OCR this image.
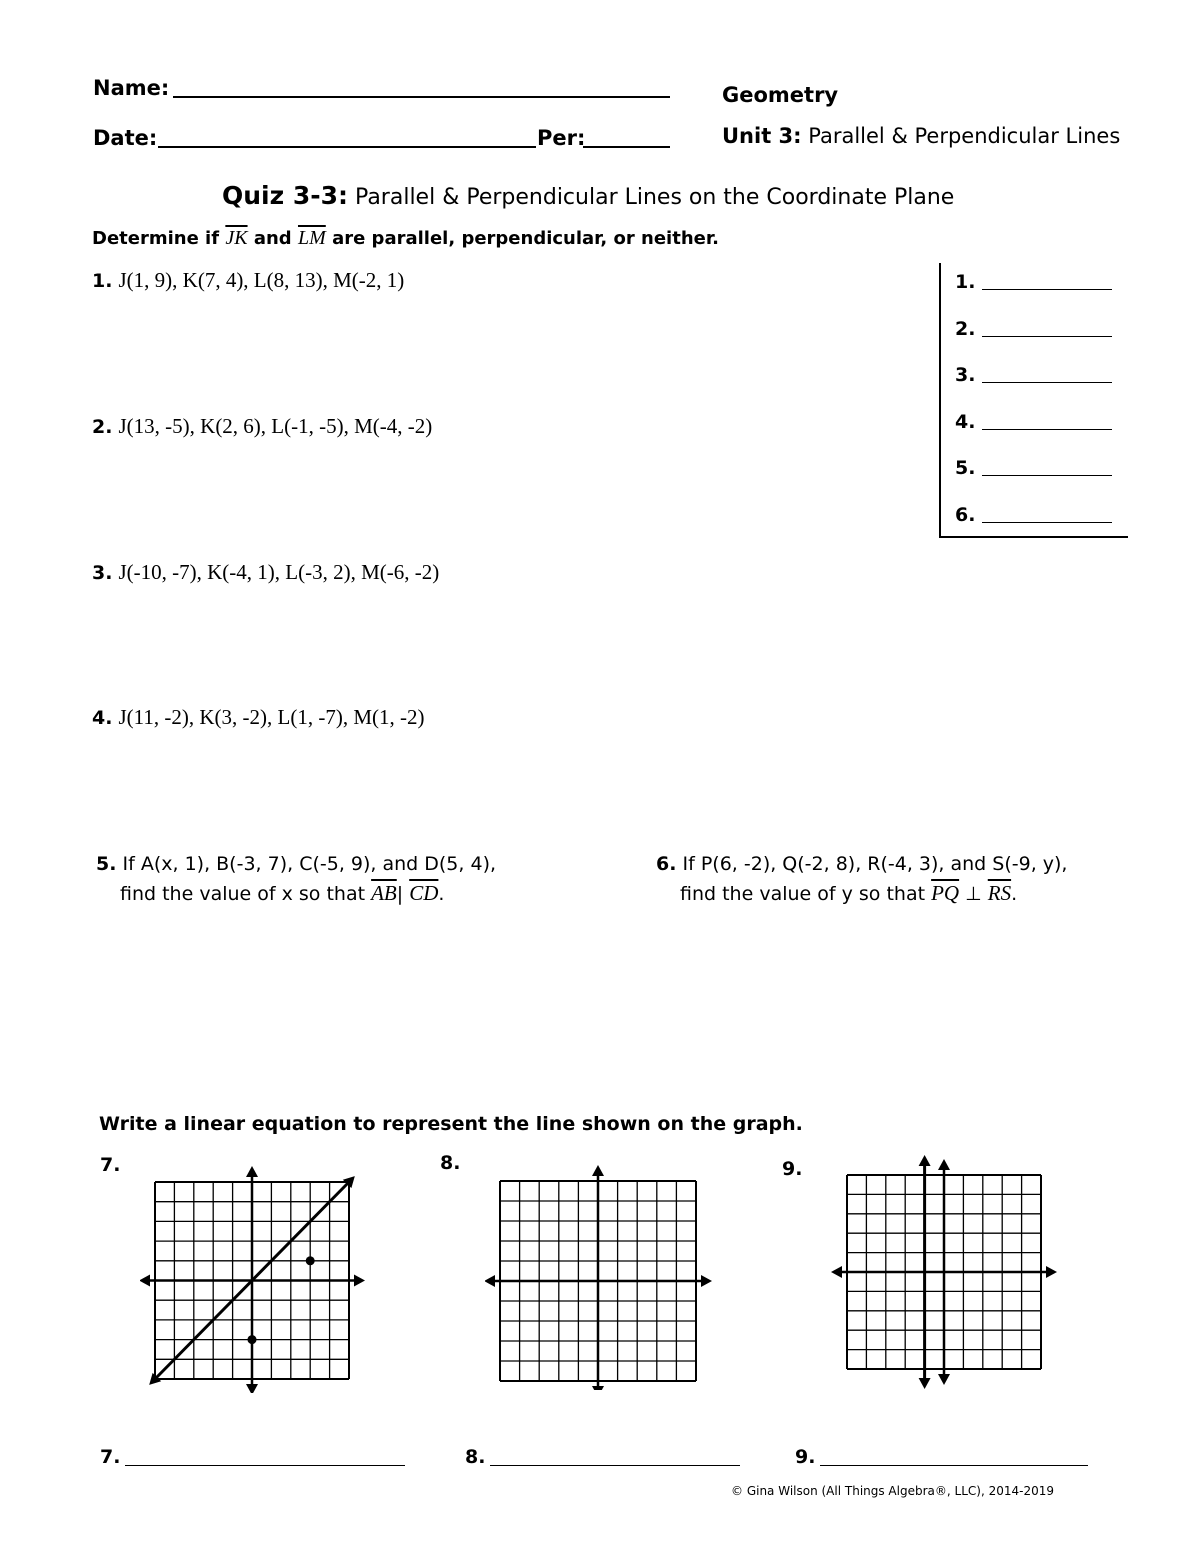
Name:
Date:	Per:
Geometry
Unit 3: Parallel & Perpendicular Lines
Quiz 3-3: Parallel & Perpendicular Lines on the Coordinate Plane
Determine if $\overline{JK}$ and $\overline{LM}$ are parallel, perpendicular, or neither.
1. J(1, 9), K(7, 4), L(8, 13), M(-2, 1)
2. J(13, -5), K(2, 6), L(-1, -5), M(-4, -2)
3. J(-10, -7), K(-4, 1), L(-3, 2), M(-6, -2)
4. J(11, -2), K(3, -2), L(1, -7), M(1, -2)
1.
2.
3.
4.
5.
6.
5. If A(x, 1), B(-3, 7), C(-5, 9), and D(5, 4),
find the value of x so that $\overline{AB}|$ $\overline{CD}$.
6. If P(6, -2), Q(-2, 8), R(-4, 3), and S(-9, y),
find the value of y so that $\overline{PQ}$ ⊥ $\overline{RS}$.
Write a linear equation to represent the line shown on the graph.
7.	8.	9.
7.	8.	9.
© Gina Wilson (All Things Algebra®, LLC), 2014-2019
